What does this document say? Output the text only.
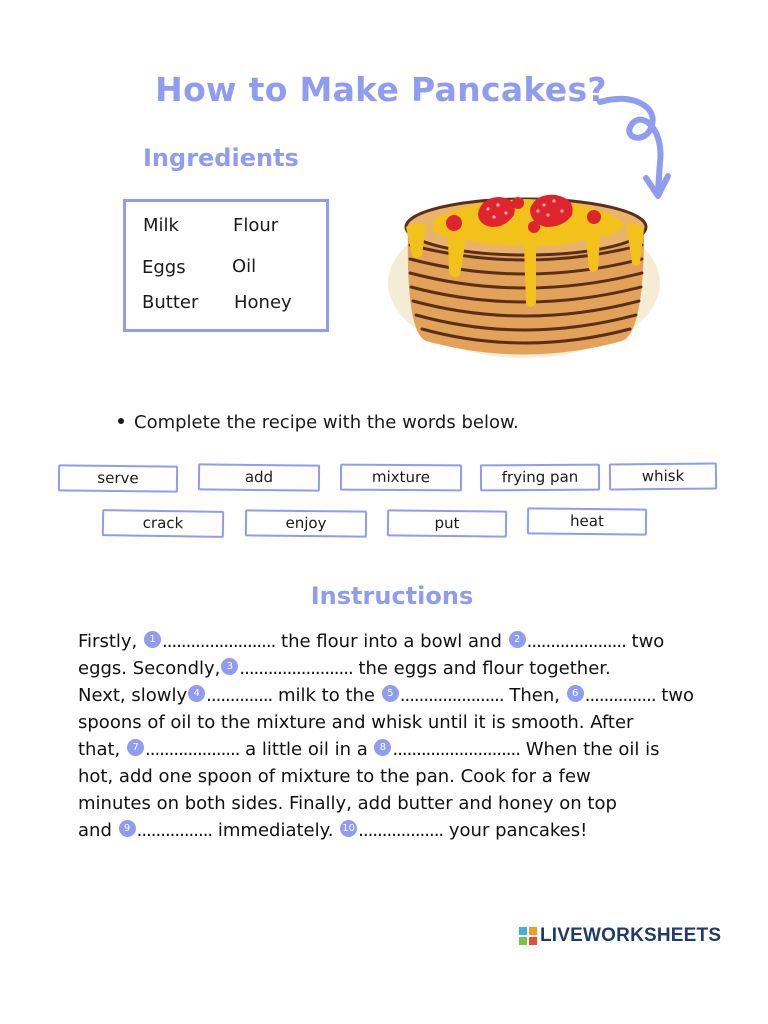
How to Make Pancakes?
Ingredients
Milk	Flour
Eggs	Oil
Butter Honey
Complete the recipe with the words below.
serve	add	mixture	frying pan	whisk
crack	enjoy	put	heat
Instructions
Firstly, 1 ........................ the flour into a bowl and 2 ..................... two
eggs. Secondly, 3 ........................ the eggs and flour together.
Next, slowly 4 .............. milk to the 5 ...................... Then, 6 ............... two
spoons of oil to the mixture and whisk until it is smooth. After
that, 7 .................... a little oil in a 8 ........................... When the oil is
hot, add one spoon of mixture to the pan. Cook for a few
minutes on both sides. Finally, add butter and honey on top
and 9 ................ immediately. 10 .................. your pancakes!
LIVEWORKSHEETS
